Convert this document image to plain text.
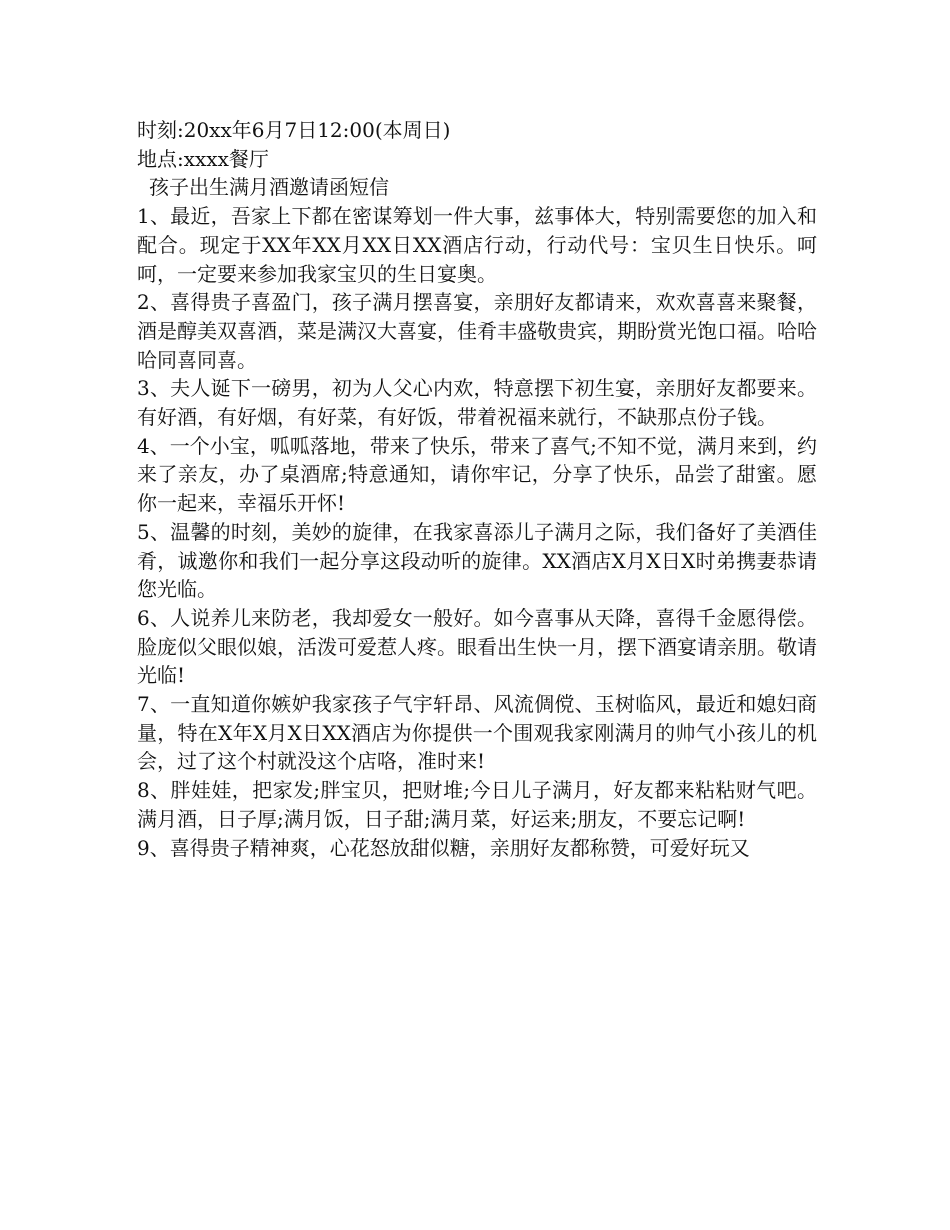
时刻:20xx年6月7日12:00(本周日)

地点:xxxx餐厅

孩子出生满月酒邀请函短信

1、最近，吾家上下都在密谋筹划一件大事，兹事体大，特别需要您的加入和配合。现定于XX年XX月XX日XX酒店行动，行动代号：宝贝生日快乐。呵呵，一定要来参加我家宝贝的生日宴奥。

2、喜得贵子喜盈门，孩子满月摆喜宴，亲朋好友都请来，欢欢喜喜来聚餐，酒是醇美双喜酒，菜是满汉大喜宴，佳肴丰盛敬贵宾，期盼赏光饱口福。哈哈哈同喜同喜。

3、夫人诞下一磅男，初为人父心内欢，特意摆下初生宴，亲朋好友都要来。有好酒，有好烟，有好菜，有好饭，带着祝福来就行，不缺那点份子钱。

4、一个小宝，呱呱落地，带来了快乐，带来了喜气;不知不觉，满月来到，约来了亲友，办了桌酒席;特意通知，请你牢记，分享了快乐，品尝了甜蜜。愿你一起来，幸福乐开怀!

5、温馨的时刻，美妙的旋律，在我家喜添儿子满月之际，我们备好了美酒佳肴，诚邀你和我们一起分享这段动听的旋律。XX酒店X月X日X时弟携妻恭请您光临。

6、人说养儿来防老，我却爱女一般好。如今喜事从天降，喜得千金愿得偿。脸庞似父眼似娘，活泼可爱惹人疼。眼看出生快一月，摆下酒宴请亲朋。敬请光临!

7、一直知道你嫉妒我家孩子气宇轩昂、风流倜傥、玉树临风，最近和媳妇商量，特在X年X月X日XX酒店为你提供一个围观我家刚满月的帅气小孩儿的机会，过了这个村就没这个店咯，准时来!

8、胖娃娃，把家发;胖宝贝，把财堆;今日儿子满月，好友都来粘粘财气吧。满月酒，日子厚;满月饭，日子甜;满月菜，好运来;朋友，不要忘记啊!

9、喜得贵子精神爽，心花怒放甜似糖，亲朋好友都称赞，可爱好玩又
